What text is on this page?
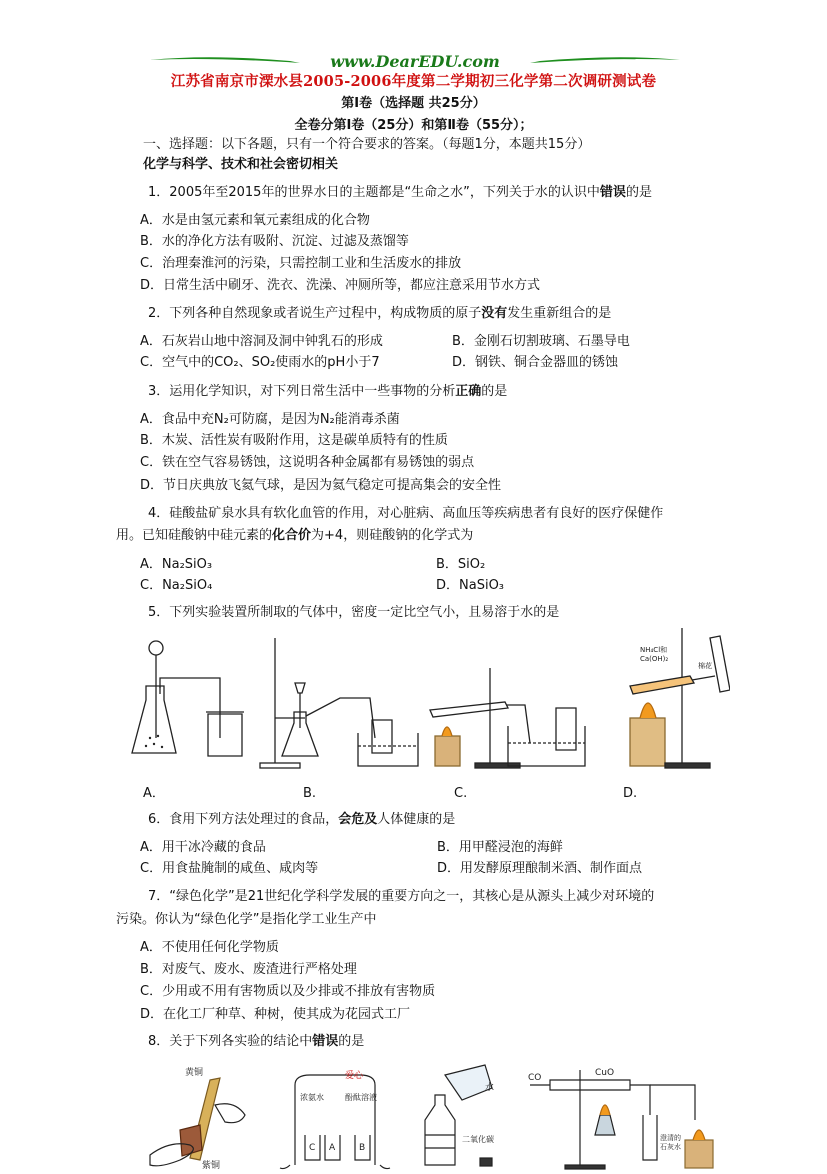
www.DearEDU.com
江苏省南京市溧水县2005-2006年度第二学期初三化学第二次调研测试卷
第Ⅰ卷（选择题 共25分）
全卷分第Ⅰ卷（25分）和第Ⅱ卷（55分）；
一、选择题：以下各题，只有一个符合要求的答案。（每题1分，本题共15分）
化学与科学、技术和社会密切相关
1．2005年至2015年的世界水日的主题都是“生命之水”，下列关于水的认识中错误的是
A．水是由氢元素和氧元素组成的化合物
B．水的净化方法有吸附、沉淀、过滤及蒸馏等
C．治理秦淮河的污染，只需控制工业和生活废水的排放
D．日常生活中刷牙、洗衣、洗澡、冲厕所等，都应注意采用节水方式
2．下列各种自然现象或者说生产过程中，构成物质的原子没有发生重新组合的是
A．石灰岩山地中溶洞及洞中钟乳石的形成	B．金刚石切割玻璃、石墨导电
C．空气中的CO₂、SO₂使雨水的pH小于7	D．钢铁、铜合金器皿的锈蚀
3．运用化学知识，对下列日常生活中一些事物的分析正确的是
A．食品中充N₂可防腐，是因为N₂能消毒杀菌
B．木炭、活性炭有吸附作用，这是碳单质特有的性质
C．铁在空气容易锈蚀，这说明各种金属都有易锈蚀的弱点
D．节日庆典放飞氦气球，是因为氦气稳定可提高集会的安全性
4．硅酸盐矿泉水具有软化血管的作用，对心脏病、高血压等疾病患者有良好的医疗保健作
用。已知硅酸钠中硅元素的化合价为+4，则硅酸钠的化学式为
A．Na₂SiO₃	B．SiO₂
C．Na₂SiO₄	D．NaSiO₃
5．下列实验装置所制取的气体中，密度一定比空气小，且易溶于水的是
NH₄Cl和
Ca(OH)₂
棉花
A．	B.	C.	D.
6．食用下列方法处理过的食品，会危及人体健康的是
A．用干冰冷藏的食品	B．用甲醛浸泡的海鲜
C．用食盐腌制的咸鱼、咸肉等	D．用发酵原理酿制米酒、制作面点
7．“绿色化学”是21世纪化学科学发展的重要方向之一，其核心是从源头上减少对环境的
污染。你认为“绿色化学”是指化学工业生产中
A．不使用任何化学物质
B．对废气、废水、废渣进行严格处理
C．少用或不用有害物质以及少排或不排放有害物质
D．在化工厂种草、种树，使其成为花园式工厂
8．关于下列各实验的结论中错误的是
黄铜
紫铜
浓氨水	酚酞溶液
爱心
C A	B
水
二氧化碳
CO	CuO
澄清的
石灰水
